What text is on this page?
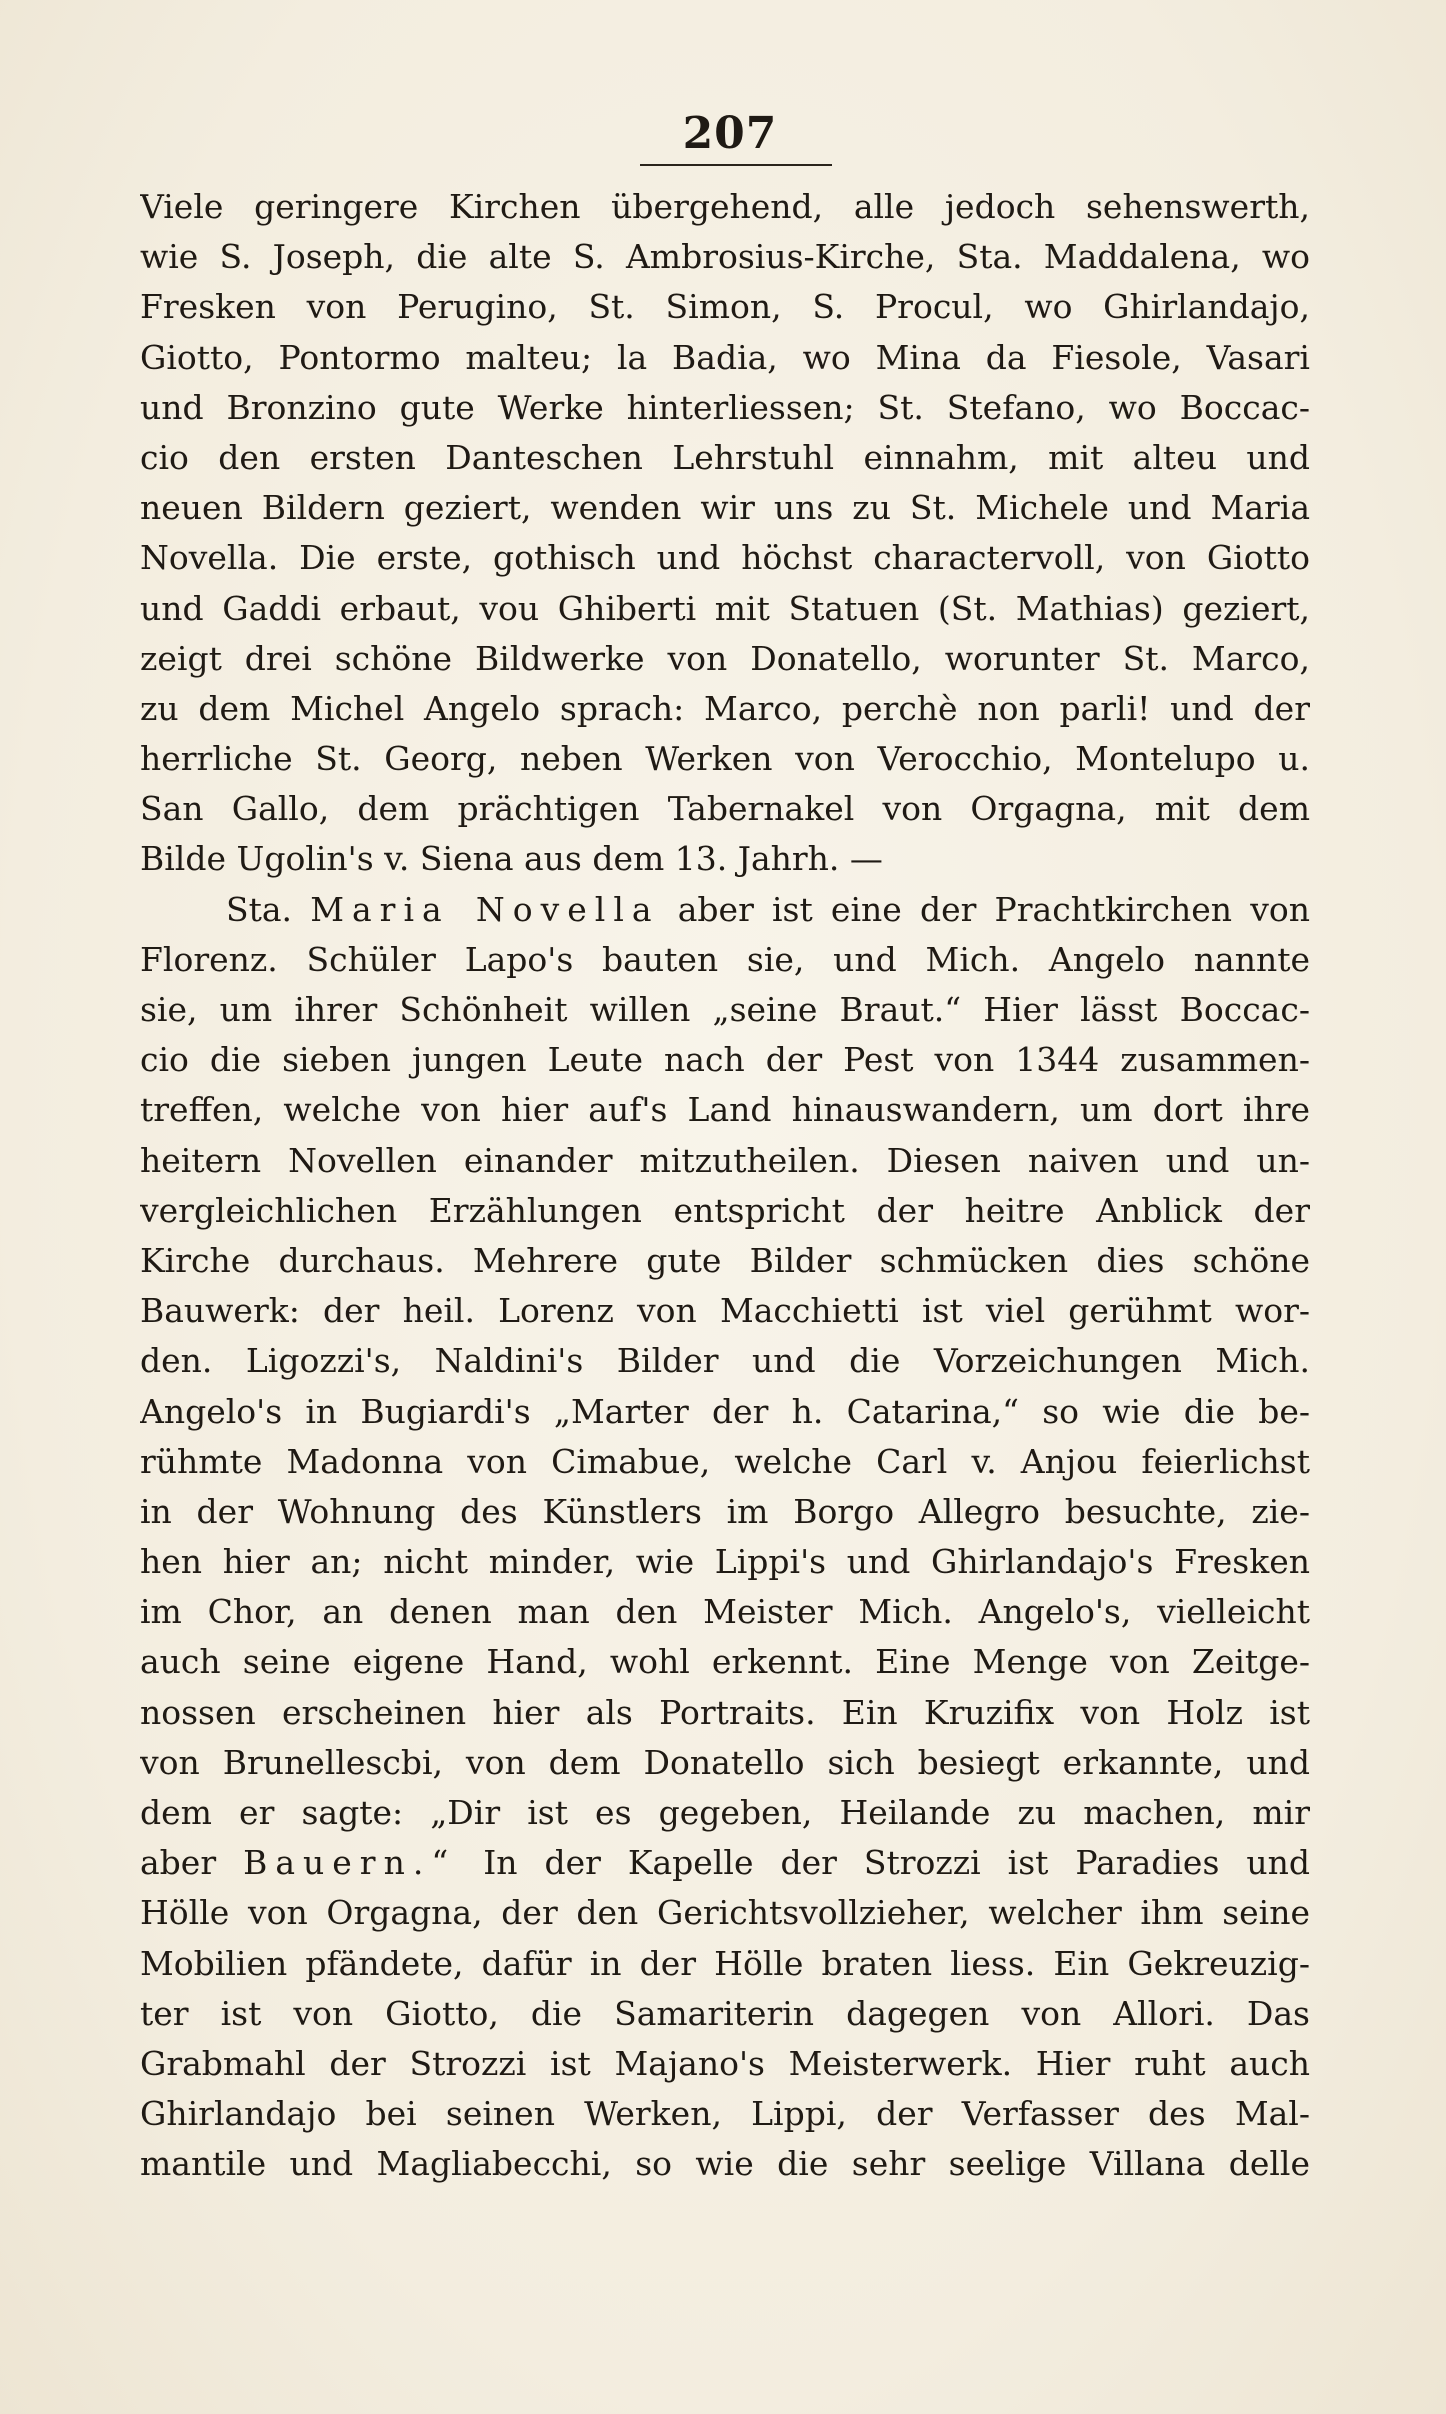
207
Viele geringere Kirchen übergehend, alle jedoch sehenswerth,
wie S. Joseph, die alte S. Ambrosius-Kirche, Sta. Maddalena, wo
Fresken von Perugino, St. Simon, S. Procul, wo Ghirlandajo,
Giotto, Pontormo malteu; la Badia, wo Mina da Fiesole, Vasari
und Bronzino gute Werke hinterliessen; St. Stefano, wo Boccac-
cio den ersten Danteschen Lehrstuhl einnahm, mit alteu und
neuen Bildern geziert, wenden wir uns zu St. Michele und Maria
Novella. Die erste, gothisch und höchst charactervoll, von Giotto
und Gaddi erbaut, vou Ghiberti mit Statuen (St. Mathias) geziert,
zeigt drei schöne Bildwerke von Donatello, worunter St. Marco,
zu dem Michel Angelo sprach: Marco, perchè non parli! und der
herrliche St. Georg, neben Werken von Verocchio, Montelupo u.
San Gallo, dem prächtigen Tabernakel von Orgagna, mit dem
Bilde Ugolin's v. Siena aus dem 13. Jahrh. —
Sta. Maria Novella aber ist eine der Prachtkirchen von
Florenz. Schüler Lapo's bauten sie, und Mich. Angelo nannte
sie, um ihrer Schönheit willen „seine Braut.“ Hier lässt Boccac-
cio die sieben jungen Leute nach der Pest von 1344 zusammen-
treffen, welche von hier auf's Land hinauswandern, um dort ihre
heitern Novellen einander mitzutheilen. Diesen naiven und un-
vergleichlichen Erzählungen entspricht der heitre Anblick der
Kirche durchaus. Mehrere gute Bilder schmücken dies schöne
Bauwerk: der heil. Lorenz von Macchietti ist viel gerühmt wor-
den. Ligozzi's, Naldini's Bilder und die Vorzeichungen Mich.
Angelo's in Bugiardi's „Marter der h. Catarina,“ so wie die be-
rühmte Madonna von Cimabue, welche Carl v. Anjou feierlichst
in der Wohnung des Künstlers im Borgo Allegro besuchte, zie-
hen hier an; nicht minder, wie Lippi's und Ghirlandajo's Fresken
im Chor, an denen man den Meister Mich. Angelo's, vielleicht
auch seine eigene Hand, wohl erkennt. Eine Menge von Zeitge-
nossen erscheinen hier als Portraits. Ein Kruzifix von Holz ist
von Brunellescbi, von dem Donatello sich besiegt erkannte, und
dem er sagte: „Dir ist es gegeben, Heilande zu machen, mir
aber Bauern.“ In der Kapelle der Strozzi ist Paradies und
Hölle von Orgagna, der den Gerichtsvollzieher, welcher ihm seine
Mobilien pfändete, dafür in der Hölle braten liess. Ein Gekreuzig-
ter ist von Giotto, die Samariterin dagegen von Allori. Das
Grabmahl der Strozzi ist Majano's Meisterwerk. Hier ruht auch
Ghirlandajo bei seinen Werken, Lippi, der Verfasser des Mal-
mantile und Magliabecchi, so wie die sehr seelige Villana delle
